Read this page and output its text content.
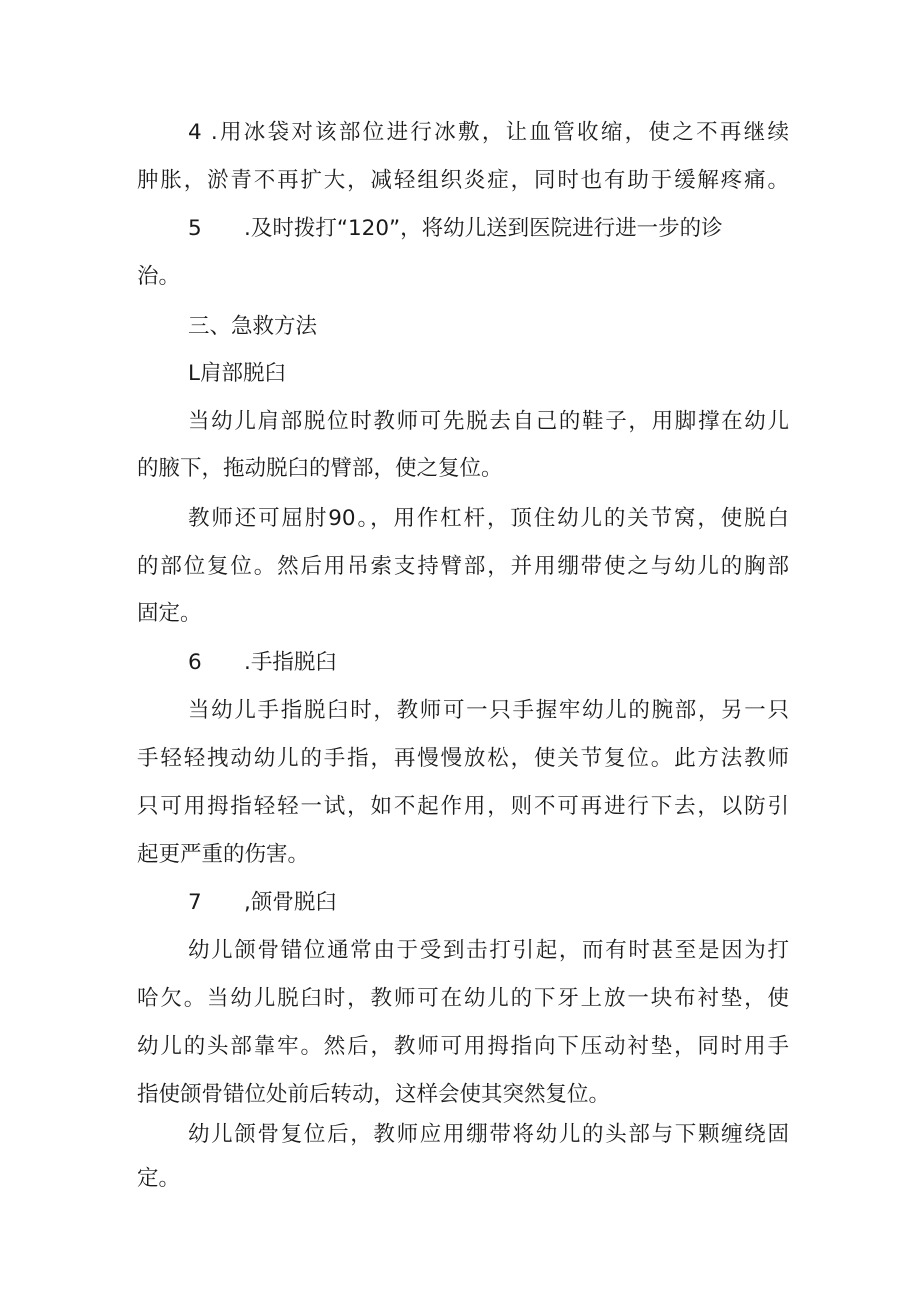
4 .用冰袋对该部位进行冰敷，让血管收缩，使之不再继续
肿胀，淤青不再扩大，减轻组织炎症，同时也有助于缓解疼痛。
5 .及时拨打“120”，将幼儿送到医院进行进一步的诊
治。
三、急救方法
L肩部脱臼
当幼儿肩部脱位时教师可先脱去自己的鞋子，用脚撑在幼儿
的腋下，拖动脱臼的臂部，使之复位。
教师还可屈肘90。，用作杠杆，顶住幼儿的关节窝，使脱白
的部位复位。然后用吊索支持臂部，并用绷带使之与幼儿的胸部
固定。
6 .手指脱臼
当幼儿手指脱臼时，教师可一只手握牢幼儿的腕部，另一只
手轻轻拽动幼儿的手指，再慢慢放松，使关节复位。此方法教师
只可用拇指轻轻一试，如不起作用，则不可再进行下去，以防引
起更严重的伤害。
7 ,颌骨脱臼
幼儿颌骨错位通常由于受到击打引起，而有时甚至是因为打
哈欠。当幼儿脱臼时，教师可在幼儿的下牙上放一块布衬垫，使
幼儿的头部靠牢。然后，教师可用拇指向下压动衬垫，同时用手
指使颌骨错位处前后转动，这样会使其突然复位。
幼儿颌骨复位后，教师应用绷带将幼儿的头部与下颗缠绕固
定。
